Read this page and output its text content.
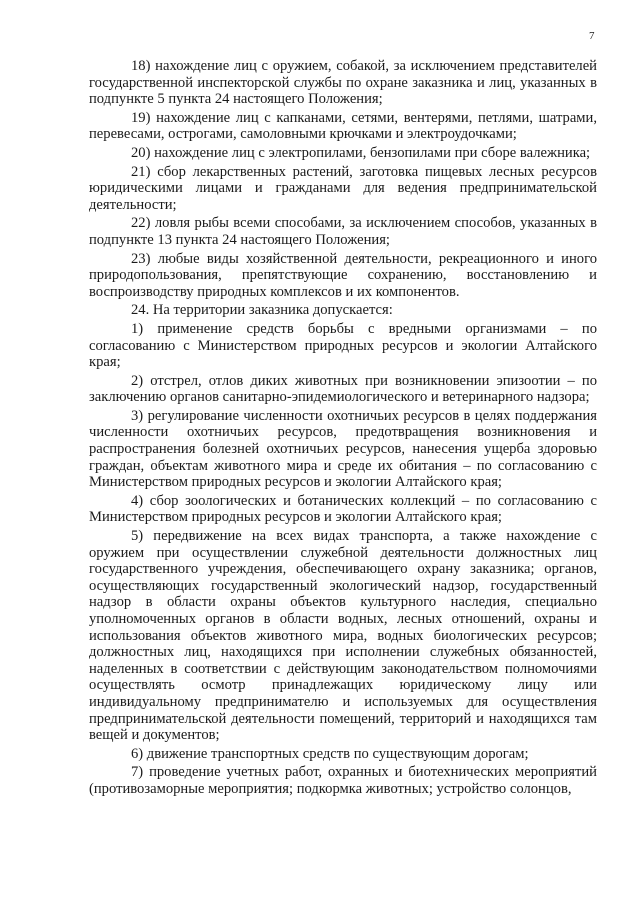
7

18) нахождение лиц с оружием, собакой, за исключением представителей государственной инспекторской службы по охране заказника и лиц, указанных в подпункте 5 пункта 24 настоящего Положения;

19) нахождение лиц с капканами, сетями, вентерями, петлями, шатрами, перевесами, острогами, самоловными крючками и электроудочками;

20) нахождение лиц с электропилами, бензопилами при сборе валежника;

21) сбор лекарственных растений, заготовка пищевых лесных ресурсов юридическими лицами и гражданами для ведения предпринимательской деятельности;

22) ловля рыбы всеми способами, за исключением способов, указанных в подпункте 13 пункта 24 настоящего Положения;

23) любые виды хозяйственной деятельности, рекреационного и иного природопользования, препятствующие сохранению, восстановлению и воспроизводству природных комплексов и их компонентов.

24. На территории заказника допускается:

1) применение средств борьбы с вредными организмами – по согласованию с Министерством природных ресурсов и экологии Алтайского края;

2) отстрел, отлов диких животных при возникновении эпизоотии – по заключению органов санитарно-эпидемиологического и ветеринарного надзора;

3) регулирование численности охотничьих ресурсов в целях поддержания численности охотничьих ресурсов, предотвращения возникновения и распространения болезней охотничьих ресурсов, нанесения ущерба здоровью граждан, объектам животного мира и среде их обитания – по согласованию с Министерством природных ресурсов и экологии Алтайского края;

4) сбор зоологических и ботанических коллекций – по согласованию с Министерством природных ресурсов и экологии Алтайского края;

5) передвижение на всех видах транспорта, а также нахождение с оружием при осуществлении служебной деятельности должностных лиц государственного учреждения, обеспечивающего охрану заказника; органов, осуществляющих государственный экологический надзор, государственный надзор в области охраны объектов культурного наследия, специально уполномоченных органов в области водных, лесных отношений, охраны и использования объектов животного мира, водных биологических ресурсов; должностных лиц, находящихся при исполнении служебных обязанностей, наделенных в соответствии с действующим законодательством полномочиями осуществлять осмотр принадлежащих юридическому лицу или индивидуальному предпринимателю и используемых для осуществления предпринимательской деятельности помещений, территорий и находящихся там вещей и документов;

6) движение транспортных средств по существующим дорогам;

7) проведение учетных работ, охранных и биотехнических мероприятий (противозаморные мероприятия; подкормка животных; устройство солонцов,
